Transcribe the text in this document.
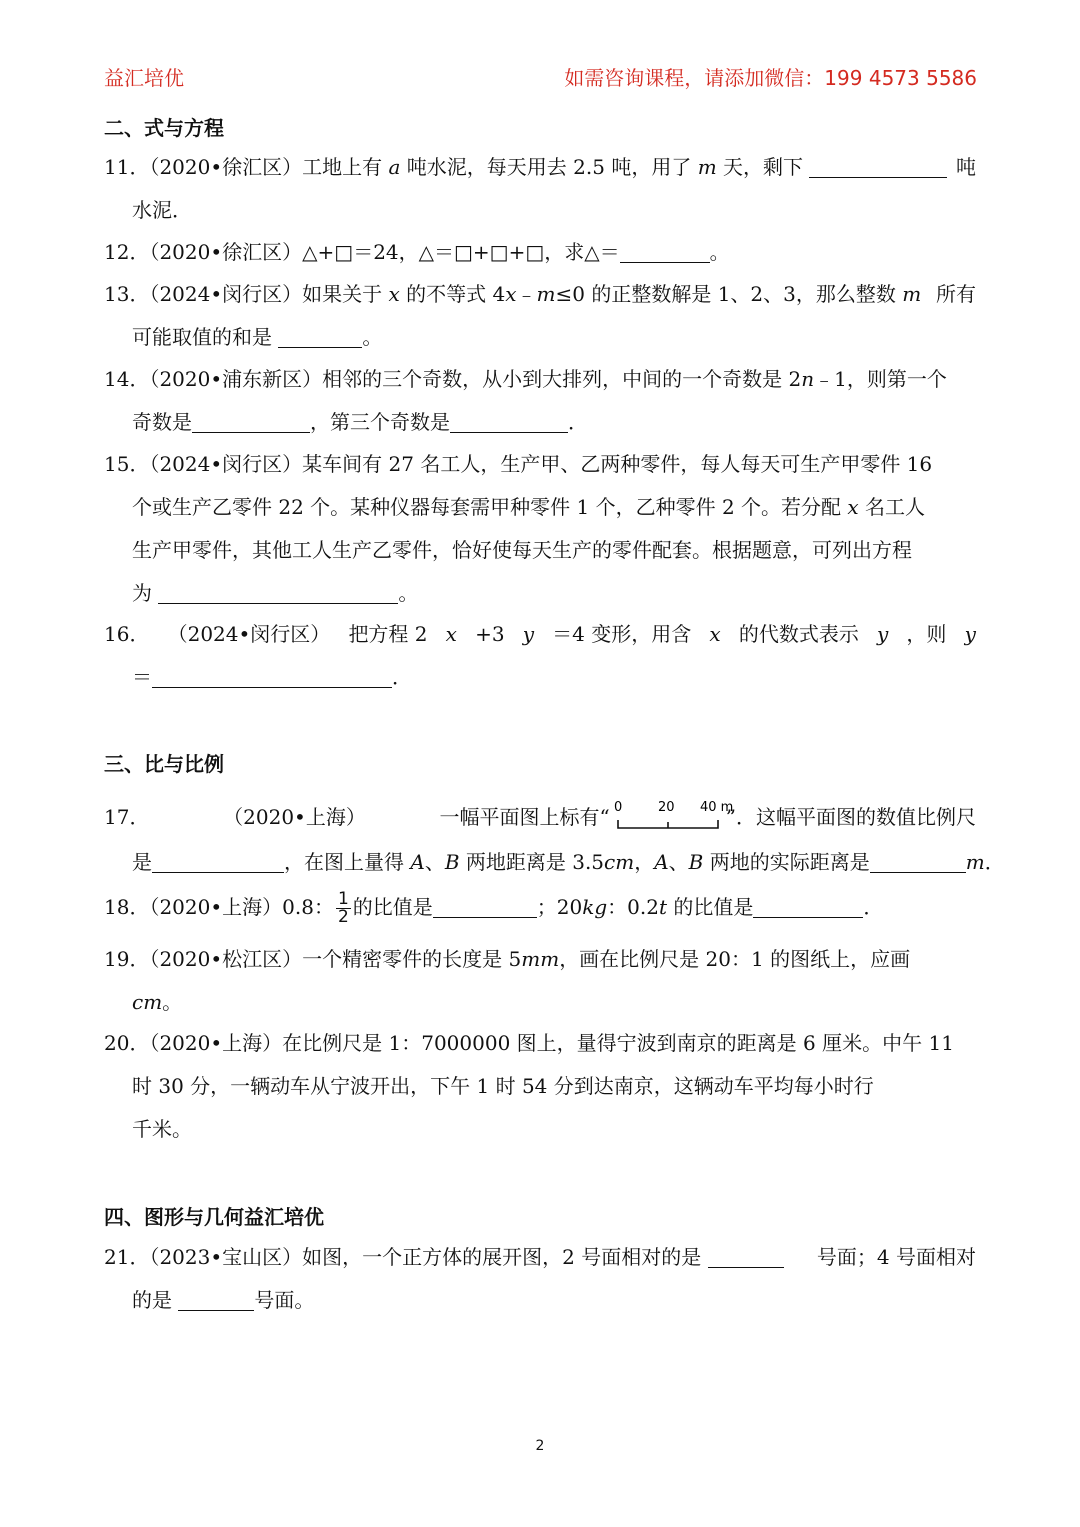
益汇培优	如需咨询课程，请添加微信：199 4573 5586
二、式与方程
11．（2020•徐汇区）工地上有 a 吨水泥，每天用去 2.5 吨，用了 m 天，剩下	吨
水泥．
12．（2020•徐汇区）△+□＝24，△＝□+□+□，求△＝	。
13．（2024•闵行区）如果关于 x 的不等式 4x﹣m≤0 的正整数解是 1、2、3，那么整数 m 所有
可能取值的和是	。
14．（2020•浦东新区）相邻的三个奇数，从小到大排列，中间的一个奇数是 2n﹣1，则第一个
奇数是	，第三个奇数是	．
15．（2024•闵行区）某车间有 27 名工人，生产甲、乙两种零件，每人每天可生产甲零件 16
个或生产乙零件 22 个。某种仪器每套需甲种零件 1 个，乙种零件 2 个。若分配 x 名工人
生产甲零件，其他工人生产乙零件，恰好使每天生产的零件配套。根据题意，可列出方程
为	。
16． （2024•闵行区） 把方程 2 x +3 y ＝4 变形，用含 x 的代数式表示 y ，则 y
＝	．
三、比与比例
17．	（2020•上海）	一幅平面图上标有“ 0	20 40 m
”．这幅平面图的数值比例尺
是	，在图上量得 A、B 两地距离是 3.5cm，A、B 两地的实际距离是	m．
18．（2020•上海）0.8： $\frac{1}{2}$ 的比值是	；20kg：0.2t 的比值是	．
19．（2020•松江区）一个精密零件的长度是 5mm，画在比例尺是 20：1 的图纸上，应画
cm。
20．（2020•上海）在比例尺是 1：7000000 图上，量得宁波到南京的距离是 6 厘米。中午 11
时 30 分，一辆动车从宁波开出，下午 1 时 54 分到达南京，这辆动车平均每小时行
千米。
四、图形与几何益汇培优
21．（2023•宝山区）如图，一个正方体的展开图，2 号面相对的是	号面；4 号面相对
的是	号面。
2
